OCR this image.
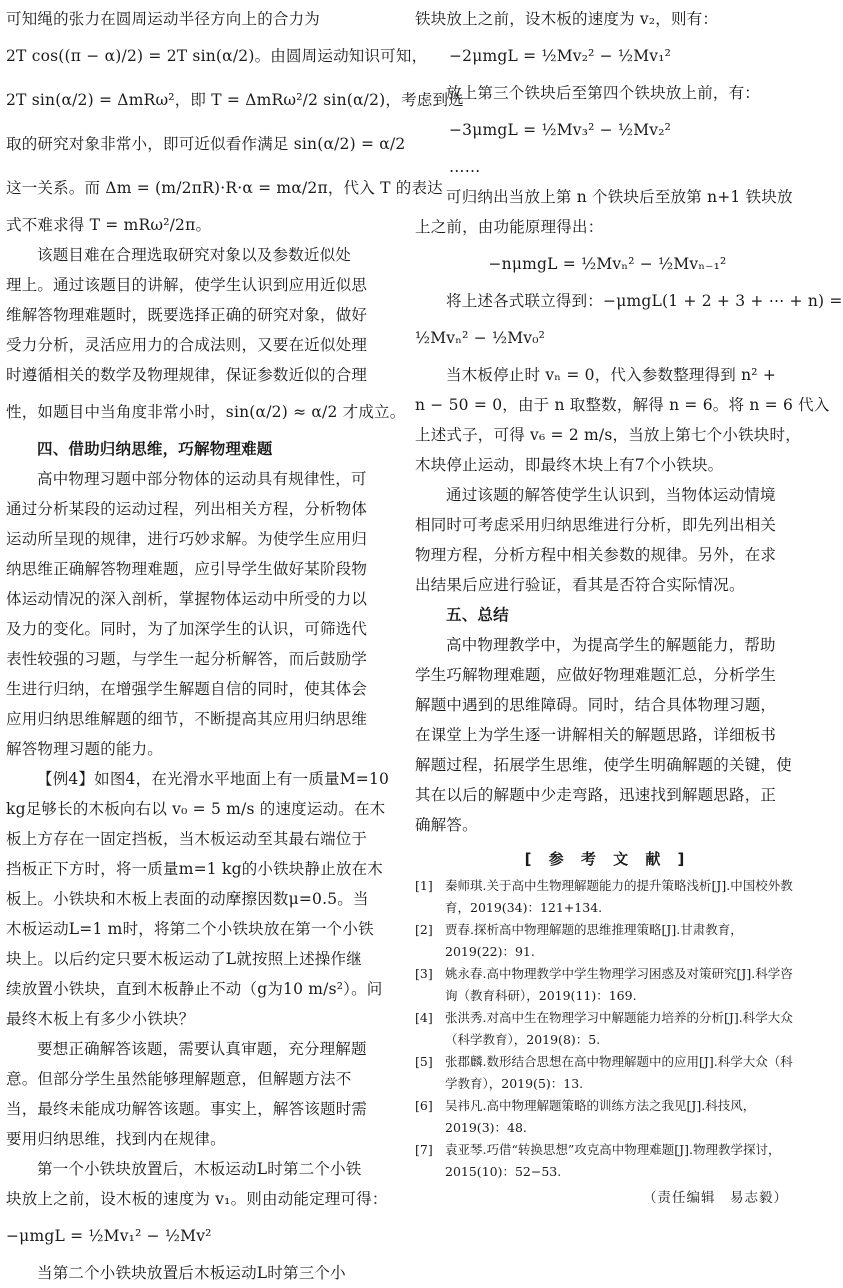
可知绳的张力在圆周运动半径方向上的合力为
2T cos((π − α)/2) = 2T sin(α/2)。由圆周运动知识可知，
2T sin(α/2) = ΔmRω²，即 T = ΔmRω²/2 sin(α/2)，考虑到选
取的研究对象非常小，即可近似看作满足 sin(α/2) = α/2
这一关系。而 Δm = (m/2πR)·R·α = mα/2π，代入 T 的表达
式不难求得 T = mRω²/2π。
该题目难在合理选取研究对象以及参数近似处
理上。通过该题目的讲解，使学生认识到应用近似思
维解答物理难题时，既要选择正确的研究对象，做好
受力分析，灵活应用力的合成法则，又要在近似处理
时遵循相关的数学及物理规律，保证参数近似的合理
性，如题目中当角度非常小时，sin(α/2) ≈ α/2 才成立。
四、借助归纳思维，巧解物理难题
高中物理习题中部分物体的运动具有规律性，可
通过分析某段的运动过程，列出相关方程，分析物体
运动所呈现的规律，进行巧妙求解。为使学生应用归
纳思维正确解答物理难题，应引导学生做好某阶段物
体运动情况的深入剖析，掌握物体运动中所受的力以
及力的变化。同时，为了加深学生的认识，可筛选代
表性较强的习题，与学生一起分析解答，而后鼓励学
生进行归纳，在增强学生解题自信的同时，使其体会
应用归纳思维解题的细节，不断提高其应用归纳思维
解答物理习题的能力。
【例4】如图4，在光滑水平地面上有一质量M=10
kg足够长的木板向右以 v₀ = 5 m/s 的速度运动。在木
板上方存在一固定挡板，当木板运动至其最右端位于
挡板正下方时，将一质量m=1 kg的小铁块静止放在木
板上。小铁块和木板上表面的动摩擦因数μ=0.5。当
木板运动L=1 m时，将第二个小铁块放在第一个小铁
块上。以后约定只要木板运动了L就按照上述操作继
续放置小铁块，直到木板静止不动（g为10 m/s²）。问
最终木板上有多少小铁块？
要想正确解答该题，需要认真审题，充分理解题
意。但部分学生虽然能够理解题意，但解题方法不
当，最终未能成功解答该题。事实上，解答该题时需
要用归纳思维，找到内在规律。
第一个小铁块放置后，木板运动L时第二个小铁
块放上之前，设木板的速度为 v₁。则由动能定理可得：
−μmgL = ½Mv₁² − ½Mv²
当第二个小铁块放置后木板运动L时第三个小
铁块放上之前，设木板的速度为 v₂，则有：
−2μmgL = ½Mv₂² − ½Mv₁²
放上第三个铁块后至第四个铁块放上前，有：
−3μmgL = ½Mv₃² − ½Mv₂²
……
可归纳出当放上第 n 个铁块后至放第 n+1 铁块放
上之前，由功能原理得出：
−nμmgL = ½Mvₙ² − ½Mvₙ₋₁²
将上述各式联立得到：−μmgL(1 + 2 + 3 + ⋯ + n) =
½Mvₙ² − ½Mv₀²
当木板停止时 vₙ = 0，代入参数整理得到 n² +
n − 50 = 0，由于 n 取整数，解得 n = 6。将 n = 6 代入
上述式子，可得 v₆ = 2 m/s，当放上第七个小铁块时，
木块停止运动，即最终木块上有7个小铁块。
通过该题的解答使学生认识到，当物体运动情境
相同时可考虑采用归纳思维进行分析，即先列出相关
物理方程，分析方程中相关参数的规律。另外，在求
出结果后应进行验证，看其是否符合实际情况。
五、总结
高中物理教学中，为提高学生的解题能力，帮助
学生巧解物理难题，应做好物理难题汇总，分析学生
解题中遇到的思维障碍。同时，结合具体物理习题，
在课堂上为学生逐一讲解相关的解题思路，详细板书
解题过程，拓展学生思维，使学生明确解题的关键，使
其在以后的解题中少走弯路，迅速找到解题思路，正
确解答。
[ 参 考 文 献 ]
[1] 秦师琪.关于高中生物理解题能力的提升策略浅析[J].中国校外教育，2019(34)：121+134.
[2] 贾春.探析高中物理解题的思维推理策略[J].甘肃教育，2019(22)：91.
[3] 姚永春.高中物理教学中学生物理学习困惑及对策研究[J].科学咨询（教育科研），2019(11)：169.
[4] 张洪秀.对高中生在物理学习中解题能力培养的分析[J].科学大众（科学教育），2019(8)：5.
[5] 张郡麟.数形结合思想在高中物理解题中的应用[J].科学大众（科学教育），2019(5)：13.
[6] 吴祎凡.高中物理解题策略的训练方法之我见[J].科技风，2019(3)：48.
[7] 袁亚琴.巧借“转换思想”攻克高中物理难题[J].物理教学探讨，2015(10)：52−53.
（责任编辑　易志毅）
